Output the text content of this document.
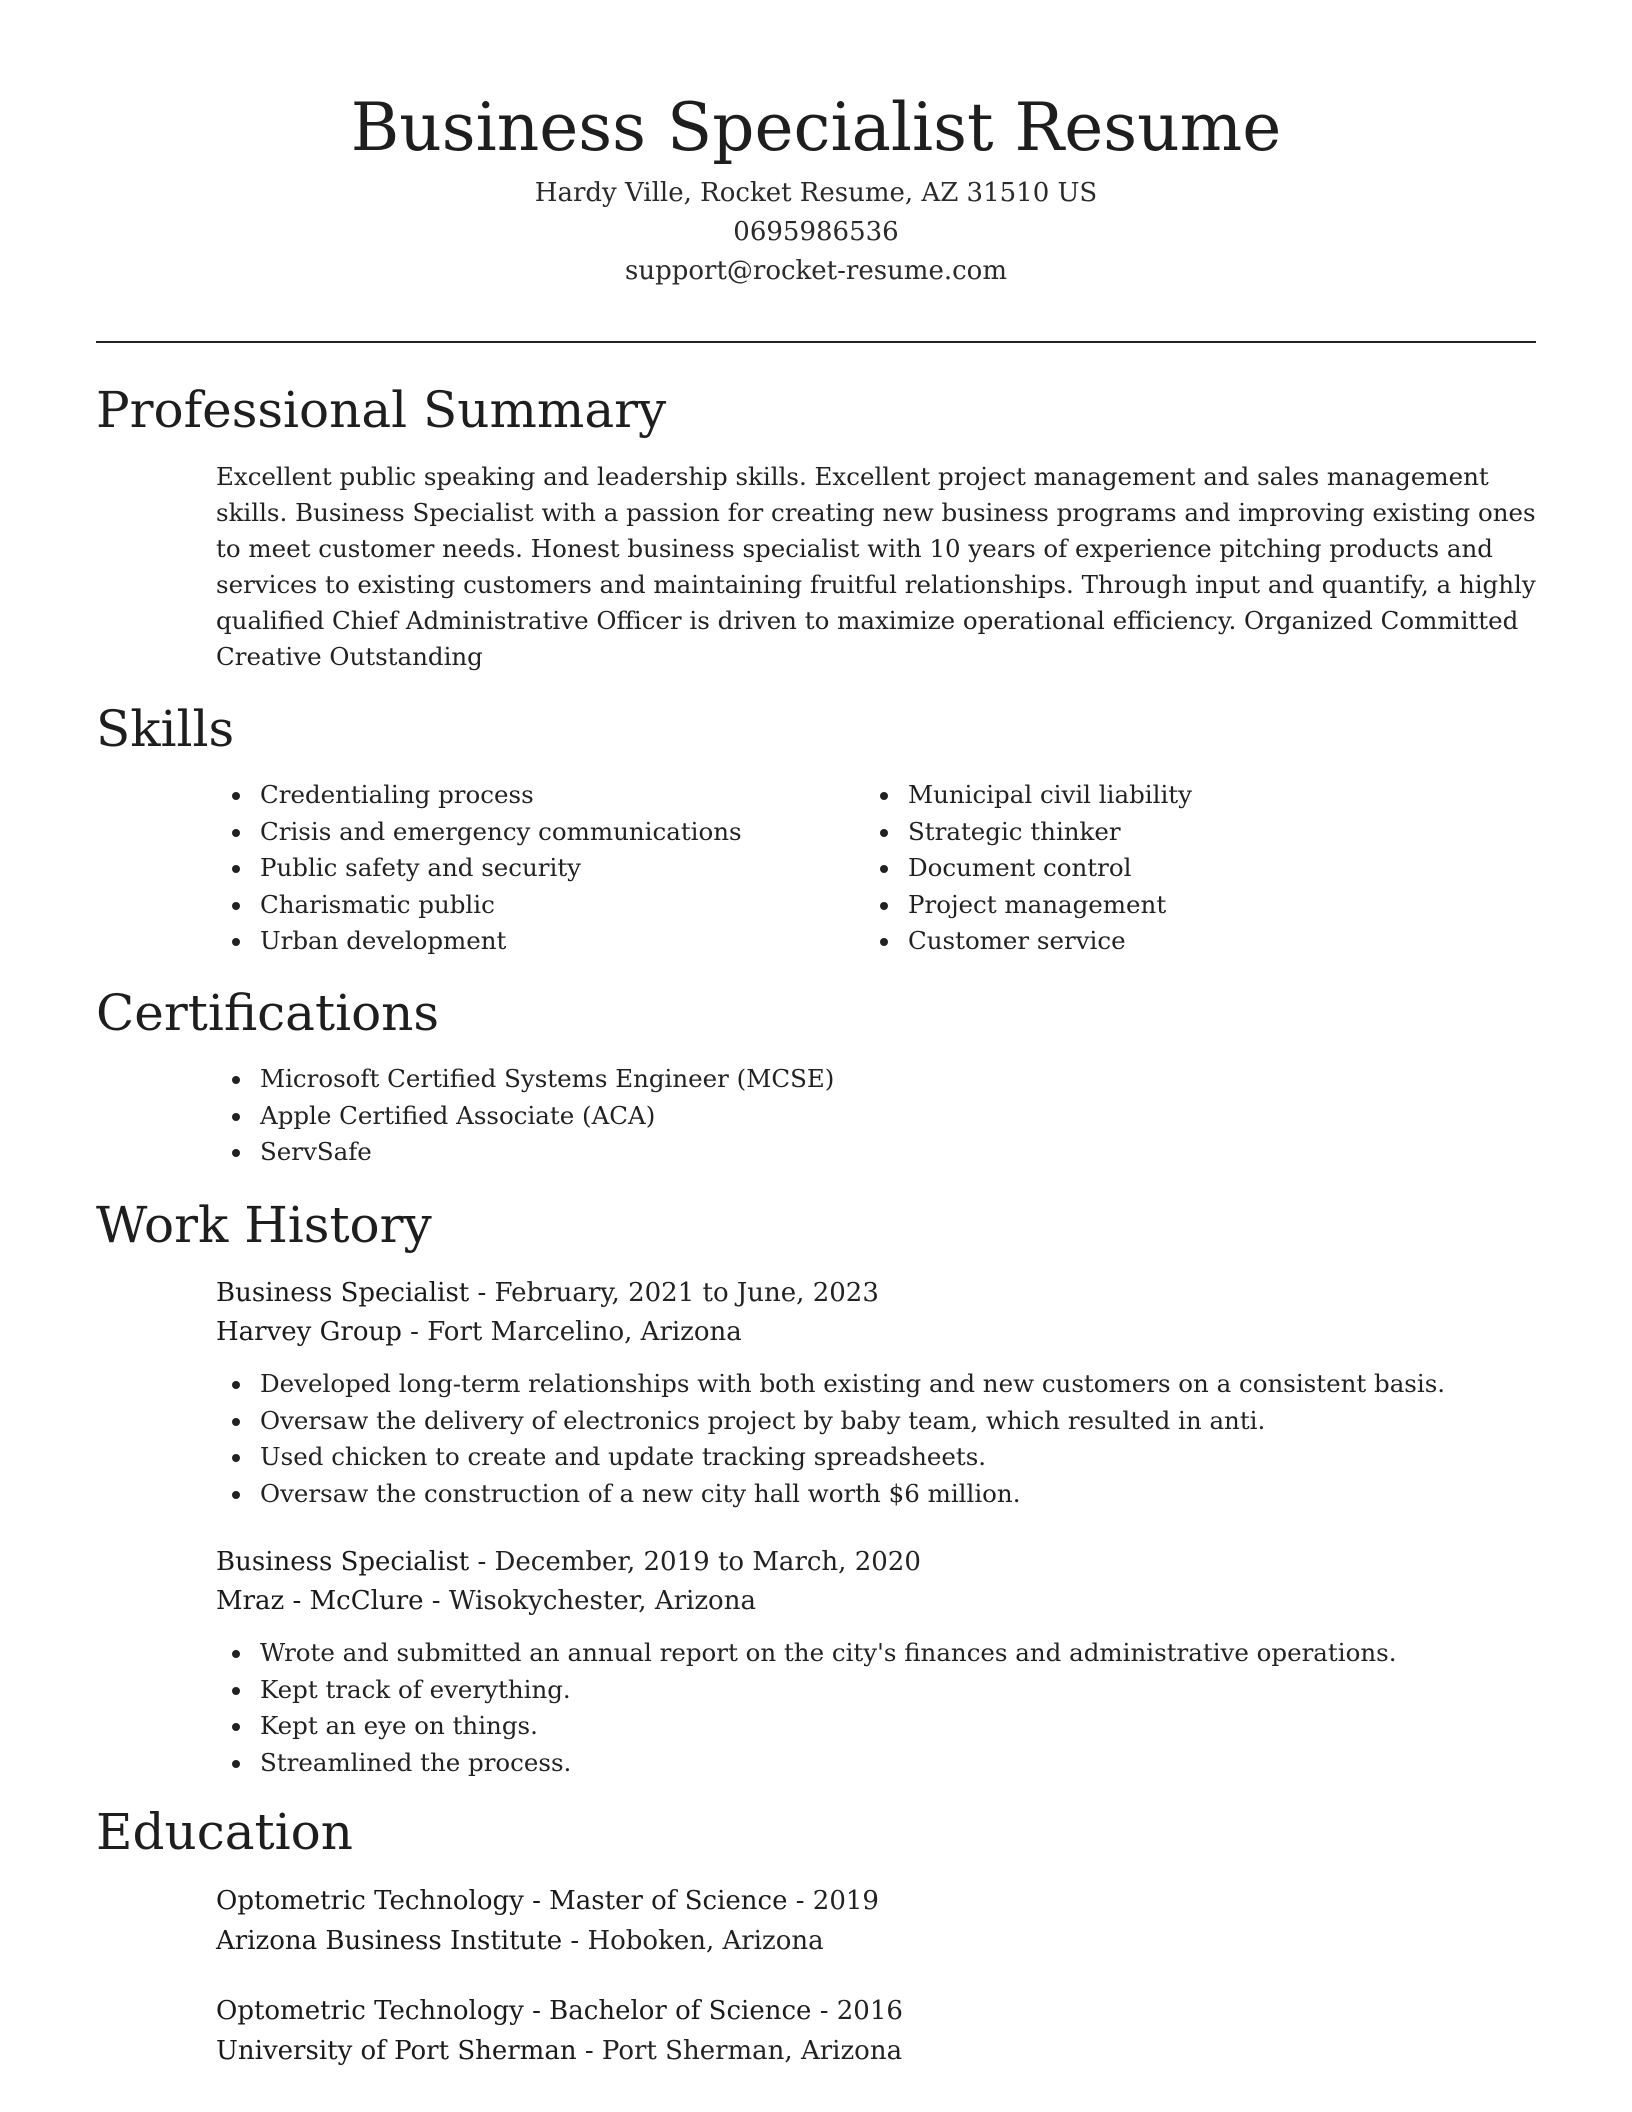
Business Specialist Resume
Hardy Ville, Rocket Resume, AZ 31510 US
0695986536
support@rocket-resume.com
Professional Summary
Excellent public speaking and leadership skills. Excellent project management and sales management skills. Business Specialist with a passion for creating new business programs and improving existing ones to meet customer needs. Honest business specialist with 10 years of experience pitching products and services to existing customers and maintaining fruitful relationships. Through input and quantify, a highly qualified Chief Administrative Officer is driven to maximize operational efficiency. Organized Committed Creative Outstanding
Skills
Credentialing process
Crisis and emergency communications
Public safety and security
Charismatic public
Urban development
Municipal civil liability
Strategic thinker
Document control
Project management
Customer service
Certifications
Microsoft Certified Systems Engineer (MCSE)
Apple Certified Associate (ACA)
ServSafe
Work History
Business Specialist - February, 2021 to June, 2023
Harvey Group - Fort Marcelino, Arizona
Developed long-term relationships with both existing and new customers on a consistent basis.
Oversaw the delivery of electronics project by baby team, which resulted in anti.
Used chicken to create and update tracking spreadsheets.
Oversaw the construction of a new city hall worth $6 million.
Business Specialist - December, 2019 to March, 2020
Mraz - McClure - Wisokychester, Arizona
Wrote and submitted an annual report on the city's finances and administrative operations.
Kept track of everything.
Kept an eye on things.
Streamlined the process.
Education
Optometric Technology - Master of Science - 2019
Arizona Business Institute - Hoboken, Arizona
Optometric Technology - Bachelor of Science - 2016
University of Port Sherman - Port Sherman, Arizona
